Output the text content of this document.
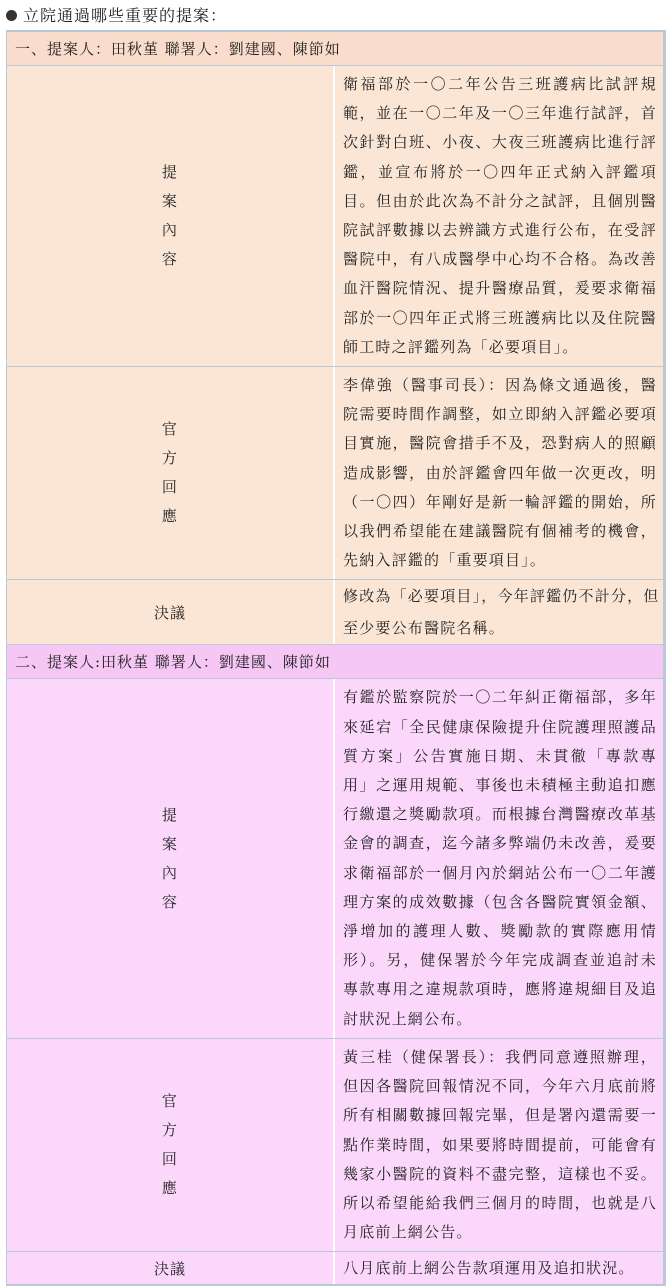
立院通過哪些重要的提案：
一、提案人：田秋堇 聯署人：劉建國、陳節如	
提案內容	衛福部於一〇二年公告三班護病比試評規範，並在一〇二年及一〇三年進行試評，首次針對白班、小夜、大夜三班護病比進行評鑑，並宣布將於一〇四年正式納入評鑑項目。但由於此次為不計分之試評，且個別醫院試評數據以去辨識方式進行公布，在受評醫院中，有八成醫學中心均不合格。為改善血汗醫院情況、提升醫療品質，爰要求衛福部於一〇四年正式將三班護病比以及住院醫師工時之評鑑列為「必要項目」。
官方回應	李偉強（醫事司長）：因為條文通過後，醫院需要時間作調整，如立即納入評鑑必要項目實施，醫院會措手不及，恐對病人的照顧造成影響，由於評鑑會四年做一次更改，明（一〇四）年剛好是新一輪評鑑的開始，所以我們希望能在建議醫院有個補考的機會，先納入評鑑的「重要項目」。
決議	修改為「必要項目」，今年評鑑仍不計分，但至少要公布醫院名稱。
二、提案人:田秋堇 聯署人：劉建國、陳節如	
提案內容	有鑑於監察院於一〇二年糾正衛福部，多年來延宕「全民健康保險提升住院護理照護品質方案」公告實施日期、未貫徹「專款專用」之運用規範、事後也未積極主動追扣應行繳還之獎勵款項。而根據台灣醫療改革基金會的調查，迄今諸多弊端仍未改善，爰要求衛福部於一個月內於網站公布一〇二年護理方案的成效數據（包含各醫院實領金額、淨增加的護理人數、獎勵款的實際應用情形）。另，健保署於今年完成調查並追討未專款專用之違規款項時，應將違規細目及追討狀況上網公布。
官方回應	黃三桂（健保署長）：我們同意遵照辦理，但因各醫院回報情況不同，今年六月底前將所有相關數據回報完畢，但是署內還需要一點作業時間，如果要將時間提前，可能會有幾家小醫院的資料不盡完整，這樣也不妥。所以希望能給我們三個月的時間，也就是八月底前上網公告。
決議	八月底前上網公告款項運用及追扣狀況。
